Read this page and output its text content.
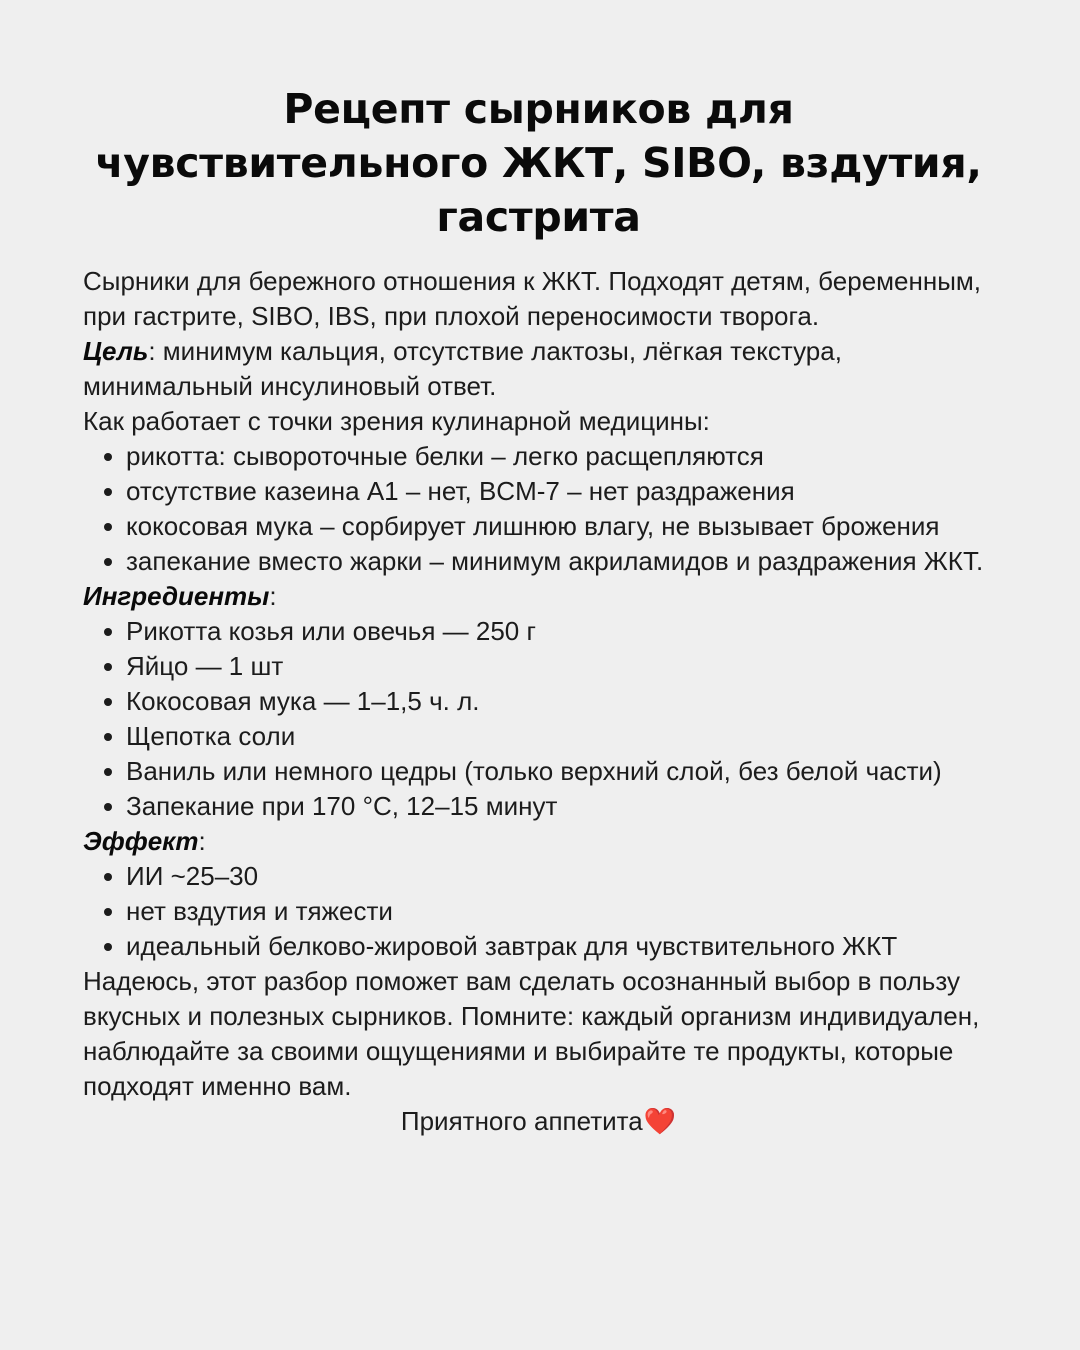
Рецепт сырников для чувствительного ЖКТ, SIBO, вздутия, гастрита

Сырники для бережного отношения к ЖКТ. Подходят детям, беременным, при гастрите, SIBO, IBS, при плохой переносимости творога.

Цель: минимум кальция, отсутствие лактозы, лёгкая текстура, минимальный инсулиновый ответ.

Как работает с точки зрения кулинарной медицины:

рикотта: сывороточные белки – легко расщепляются
отсутствие казеина А1 – нет, BCM-7 – нет раздражения
кокосовая мука – сорбирует лишнюю влагу, не вызывает брожения
запекание вместо жарки – минимум акриламидов и раздражения ЖКТ.

Ингредиенты:

Рикотта козья или овечья — 250 г
Яйцо — 1 шт
Кокосовая мука — 1–1,5 ч. л.
Щепотка соли
Ваниль или немного цедры (только верхний слой, без белой части)
Запекание при 170 °C, 12–15 минут

Эффект:

ИИ ~25–30
нет вздутия и тяжести
идеальный белково-жировой завтрак для чувствительного ЖКТ

Надеюсь, этот разбор поможет вам сделать осознанный выбор в пользу вкусных и полезных сырников. Помните: каждый организм индивидуален, наблюдайте за своими ощущениями и выбирайте те продукты, которые подходят именно вам.

Приятного аппетита❤️
